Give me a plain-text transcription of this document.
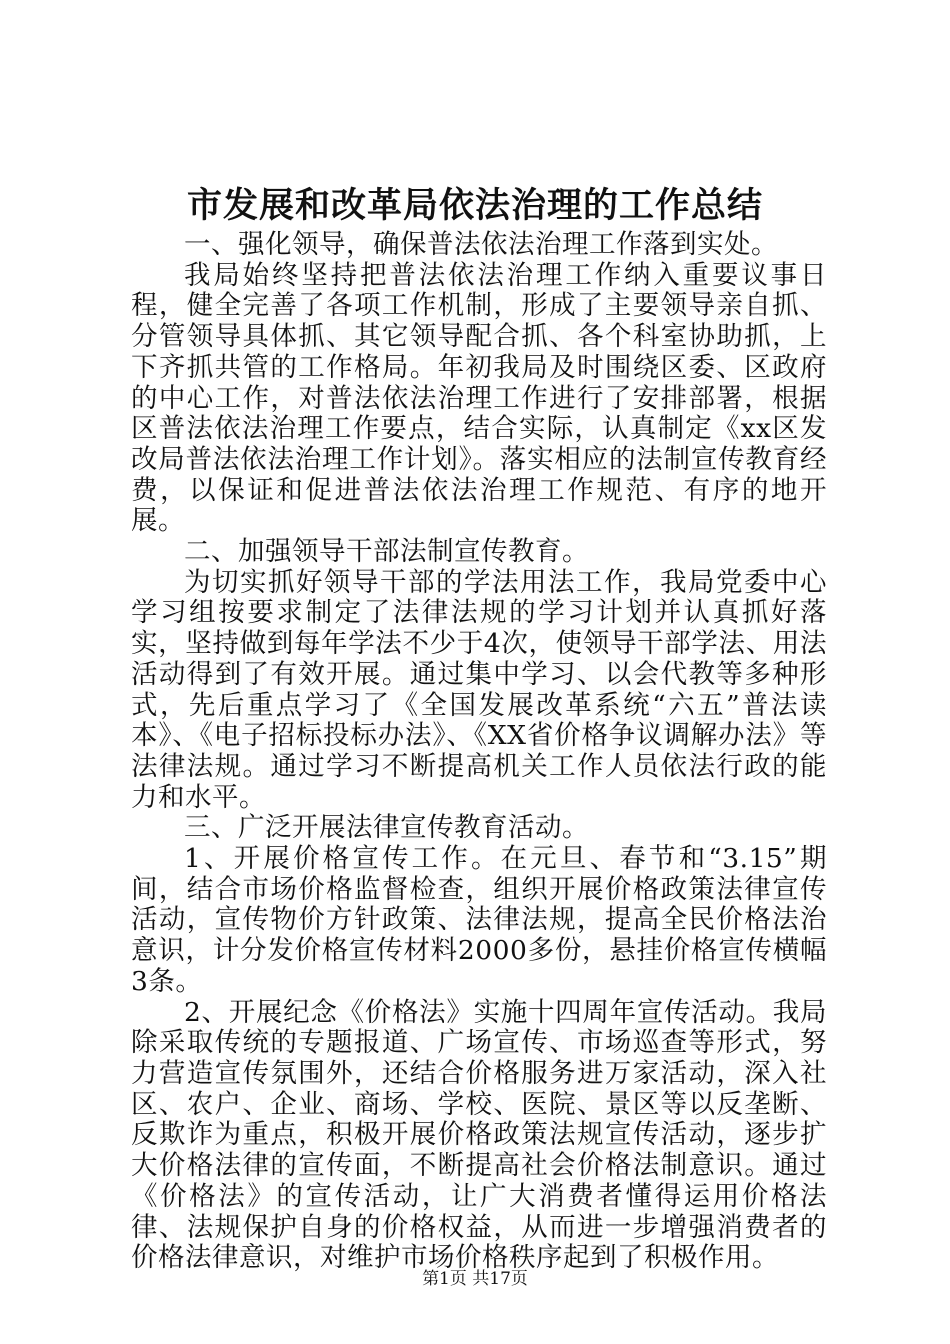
市发展和改革局依法治理的工作总结

一、强化领导，确保普法依法治理工作落到实处。

我局始终坚持把普法依法治理工作纳入重要议事日程，健全完善了各项工作机制，形成了主要领导亲自抓、分管领导具体抓、其它领导配合抓、各个科室协助抓，上下齐抓共管的工作格局。年初我局及时围绕区委、区政府的中心工作，对普法依法治理工作进行了安排部署，根据区普法依法治理工作要点，结合实际，认真制定《xx区发改局普法依法治理工作计划》。落实相应的法制宣传教育经费，以保证和促进普法依法治理工作规范、有序的地开展。

二、加强领导干部法制宣传教育。

为切实抓好领导干部的学法用法工作，我局党委中心学习组按要求制定了法律法规的学习计划并认真抓好落实，坚持做到每年学法不少于4次，使领导干部学法、用法活动得到了有效开展。通过集中学习、以会代教等多种形式，先后重点学习了《全国发展改革系统“六五”普法读本》、《电子招标投标办法》、《XX省价格争议调解办法》等法律法规。通过学习不断提高机关工作人员依法行政的能力和水平。

三、广泛开展法律宣传教育活动。

1、开展价格宣传工作。在元旦、春节和“3.15”期间，结合市场价格监督检查，组织开展价格政策法律宣传活动，宣传物价方针政策、法律法规，提高全民价格法治意识，计分发价格宣传材料2000多份，悬挂价格宣传横幅3条。

2、开展纪念《价格法》实施十四周年宣传活动。我局除采取传统的专题报道、广场宣传、市场巡查等形式，努力营造宣传氛围外，还结合价格服务进万家活动，深入社区、农户、企业、商场、学校、医院、景区等以反垄断、反欺诈为重点，积极开展价格政策法规宣传活动，逐步扩大价格法律的宣传面，不断提高社会价格法制意识。通过《价格法》的宣传活动，让广大消费者懂得运用价格法律、法规保护自身的价格权益，从而进一步增强消费者的价格法律意识，对维护市场价格秩序起到了积极作用。

第1页 共17页
